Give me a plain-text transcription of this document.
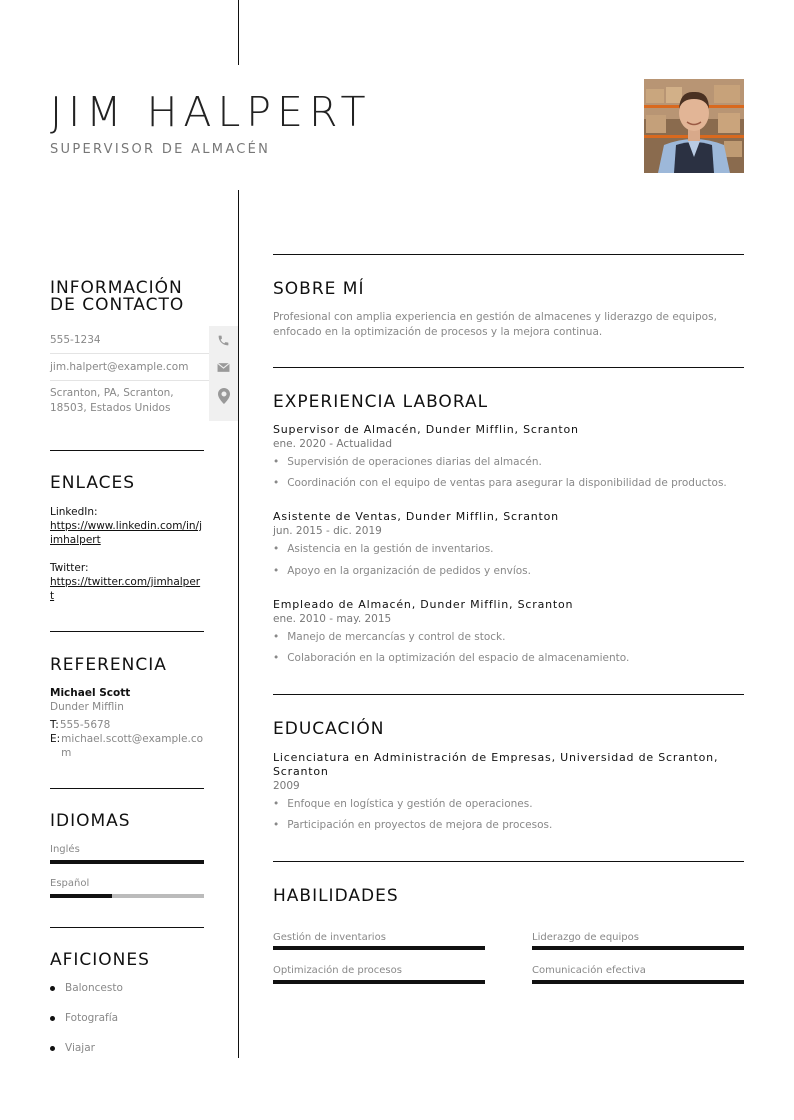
JIM HALPERT
SUPERVISOR DE ALMACÉN
INFORMACIÓN
DE CONTACTO
555-1234
jim.halpert@example.com
Scranton, PA, Scranton, 18503, Estados Unidos
ENLACES
LinkedIn:
https://www.linkedin.com/in/jimhalpert
Twitter:
https://twitter.com/jimhalpert
REFERENCIA
Michael Scott
Dunder Mifflin
T: 555-5678
E: michael.scott@example.com
IDIOMAS
Inglés
Español
AFICIONES
Baloncesto
Fotografía
Viajar
SOBRE MÍ
Profesional con amplia experiencia en gestión de almacenes y liderazgo de equipos, enfocado en la optimización de procesos y la mejora continua.
EXPERIENCIA LABORAL
Supervisor de Almacén, Dunder Mifflin, Scranton
ene. 2020 - Actualidad
• Supervisión de operaciones diarias del almacén.
• Coordinación con el equipo de ventas para asegurar la disponibilidad de productos.
Asistente de Ventas, Dunder Mifflin, Scranton
jun. 2015 - dic. 2019
• Asistencia en la gestión de inventarios.
• Apoyo en la organización de pedidos y envíos.
Empleado de Almacén, Dunder Mifflin, Scranton
ene. 2010 - may. 2015
• Manejo de mercancías y control de stock.
• Colaboración en la optimización del espacio de almacenamiento.
EDUCACIÓN
Licenciatura en Administración de Empresas, Universidad de Scranton, Scranton
2009
• Enfoque en logística y gestión de operaciones.
• Participación en proyectos de mejora de procesos.
HABILIDADES
Gestión de inventarios	Liderazgo de equipos
Optimización de procesos	Comunicación efectiva
